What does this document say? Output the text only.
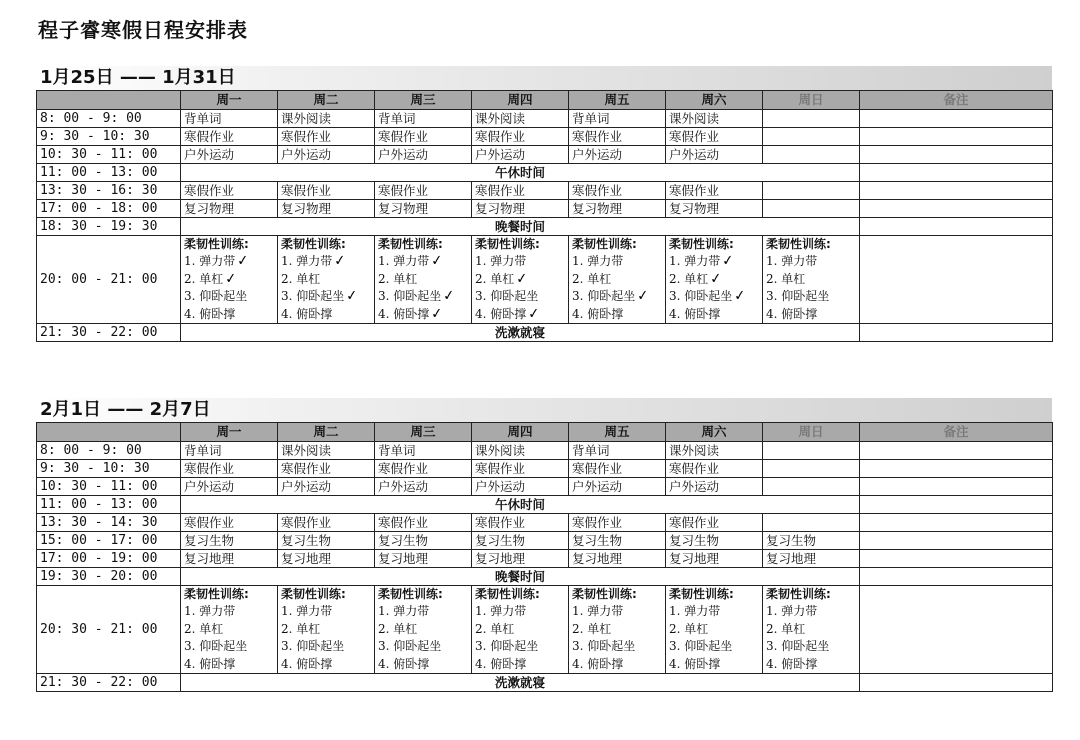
程子睿寒假日程安排表
1月25日 —— 1月31日
	周一	周二	周三	周四	周五	周六	周日	备注
8: 00 - 9: 00	背单词	课外阅读	背单词	课外阅读	背单词	课外阅读		
9: 30 - 10: 30	寒假作业	寒假作业	寒假作业	寒假作业	寒假作业	寒假作业		
10: 30 - 11: 00	户外运动	户外运动	户外运动	户外运动	户外运动	户外运动		
11: 00 - 13: 00	午休时间							
13: 30 - 16: 30	寒假作业	寒假作业	寒假作业	寒假作业	寒假作业	寒假作业		
17: 00 - 18: 00	复习物理	复习物理	复习物理	复习物理	复习物理	复习物理		
18: 30 - 19: 30	晚餐时间							
20: 00 - 21: 00	柔韧性训练:
1. 弹力带✓
2. 单杠✓
3. 仰卧起坐
4. 俯卧撑	柔韧性训练:
1. 弹力带✓
2. 单杠
3. 仰卧起坐✓
4. 俯卧撑	柔韧性训练:
1. 弹力带✓
2. 单杠
3. 仰卧起坐✓
4. 俯卧撑✓	柔韧性训练:
1. 弹力带
2. 单杠✓
3. 仰卧起坐
4. 俯卧撑✓	柔韧性训练:
1. 弹力带
2. 单杠
3. 仰卧起坐✓
4. 俯卧撑	柔韧性训练:
1. 弹力带✓
2. 单杠✓
3. 仰卧起坐✓
4. 俯卧撑	柔韧性训练:
1. 弹力带
2. 单杠
3. 仰卧起坐
4. 俯卧撑	

21: 30 - 22: 00	洗漱就寝							
2月1日 —— 2月7日
	周一	周二	周三	周四	周五	周六	周日	备注
8: 00 - 9: 00	背单词	课外阅读	背单词	课外阅读	背单词	课外阅读		
9: 30 - 10: 30	寒假作业	寒假作业	寒假作业	寒假作业	寒假作业	寒假作业		
10: 30 - 11: 00	户外运动	户外运动	户外运动	户外运动	户外运动	户外运动		
11: 00 - 13: 00	午休时间							
13: 30 - 14: 30	寒假作业	寒假作业	寒假作业	寒假作业	寒假作业	寒假作业		
15: 00 - 17: 00	复习生物	复习生物	复习生物	复习生物	复习生物	复习生物	复习生物	
17: 00 - 19: 00	复习地理	复习地理	复习地理	复习地理	复习地理	复习地理	复习地理	
19: 30 - 20: 00	晚餐时间							
20: 30 - 21: 00	柔韧性训练:
1. 弹力带
2. 单杠
3. 仰卧起坐
4. 俯卧撑	柔韧性训练:
1. 弹力带
2. 单杠
3. 仰卧起坐
4. 俯卧撑	柔韧性训练:
1. 弹力带
2. 单杠
3. 仰卧起坐
4. 俯卧撑	柔韧性训练:
1. 弹力带
2. 单杠
3. 仰卧起坐
4. 俯卧撑	柔韧性训练:
1. 弹力带
2. 单杠
3. 仰卧起坐
4. 俯卧撑	柔韧性训练:
1. 弹力带
2. 单杠
3. 仰卧起坐
4. 俯卧撑	柔韧性训练:
1. 弹力带
2. 单杠
3. 仰卧起坐
4. 俯卧撑	

21: 30 - 22: 00	洗漱就寝							
